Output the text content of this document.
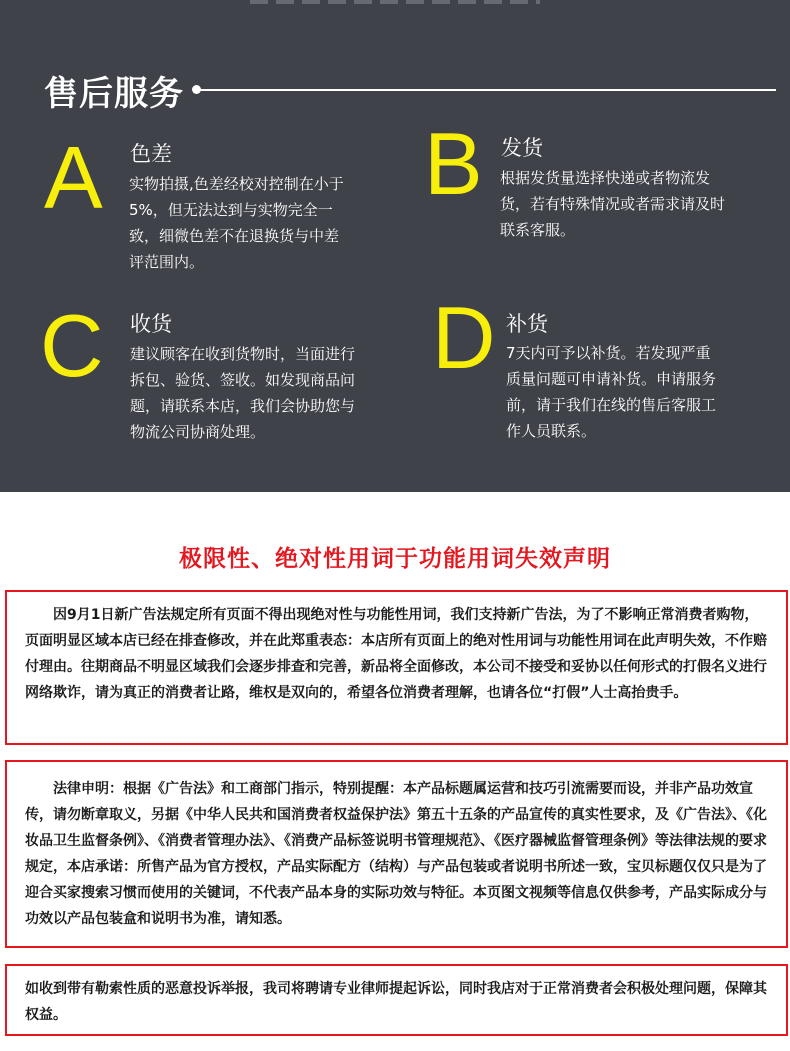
售后服务
A 色差
实物拍摄,色差经校对控制在小于
5%，但无法达到与实物完全一
致，细微色差不在退换货与中差
评范围内。
B 发货
根据发货量选择快递或者物流发
货，若有特殊情况或者需求请及时
联系客服。
C 收货
建议顾客在收到货物时，当面进行
拆包、验货、签收。如发现商品问
题，请联系本店，我们会协助您与
物流公司协商处理。
D 补货
7天内可予以补货。若发现严重
质量问题可申请补货。申请服务
前，请于我们在线的售后客服工
作人员联系。
极限性、绝对性用词于功能用词失效声明

因9月1日新广告法规定所有页面不得出现绝对性与功能性用词，我们支持新广告法，为了不影响正常消费者购物，页面明显区域本店已经在排查修改，并在此郑重表态：本店所有页面上的绝对性用词与功能性用词在此声明失效，不作赔付理由。往期商品不明显区域我们会逐步排查和完善，新品将全面修改，本公司不接受和妥协以任何形式的打假名义进行网络欺诈，请为真正的消费者让路，维权是双向的，希望各位消费者理解，也请各位“打假”人士高抬贵手。

法律申明：根据《广告法》和工商部门指示，特别提醒：本产品标题属运营和技巧引流需要而设，并非产品功效宣传，请勿断章取义，另据《中华人民共和国消费者权益保护法》第五十五条的产品宣传的真实性要求，及《广告法》、《化妆品卫生监督条例》、《消费者管理办法》、《消费产品标签说明书管理规范》、《医疗器械监督管理条例》等法律法规的要求规定，本店承诺：所售产品为官方授权，产品实际配方（结构）与产品包装或者说明书所述一致，宝贝标题仅仅只是为了迎合买家搜索习惯而使用的关键词，不代表产品本身的实际功效与特征。本页图文视频等信息仅供参考，产品实际成分与功效以产品包装盒和说明书为准，请知悉。

如收到带有勒索性质的恶意投诉举报，我司将聘请专业律师提起诉讼，同时我店对于正常消费者会积极处理问题，保障其权益。
